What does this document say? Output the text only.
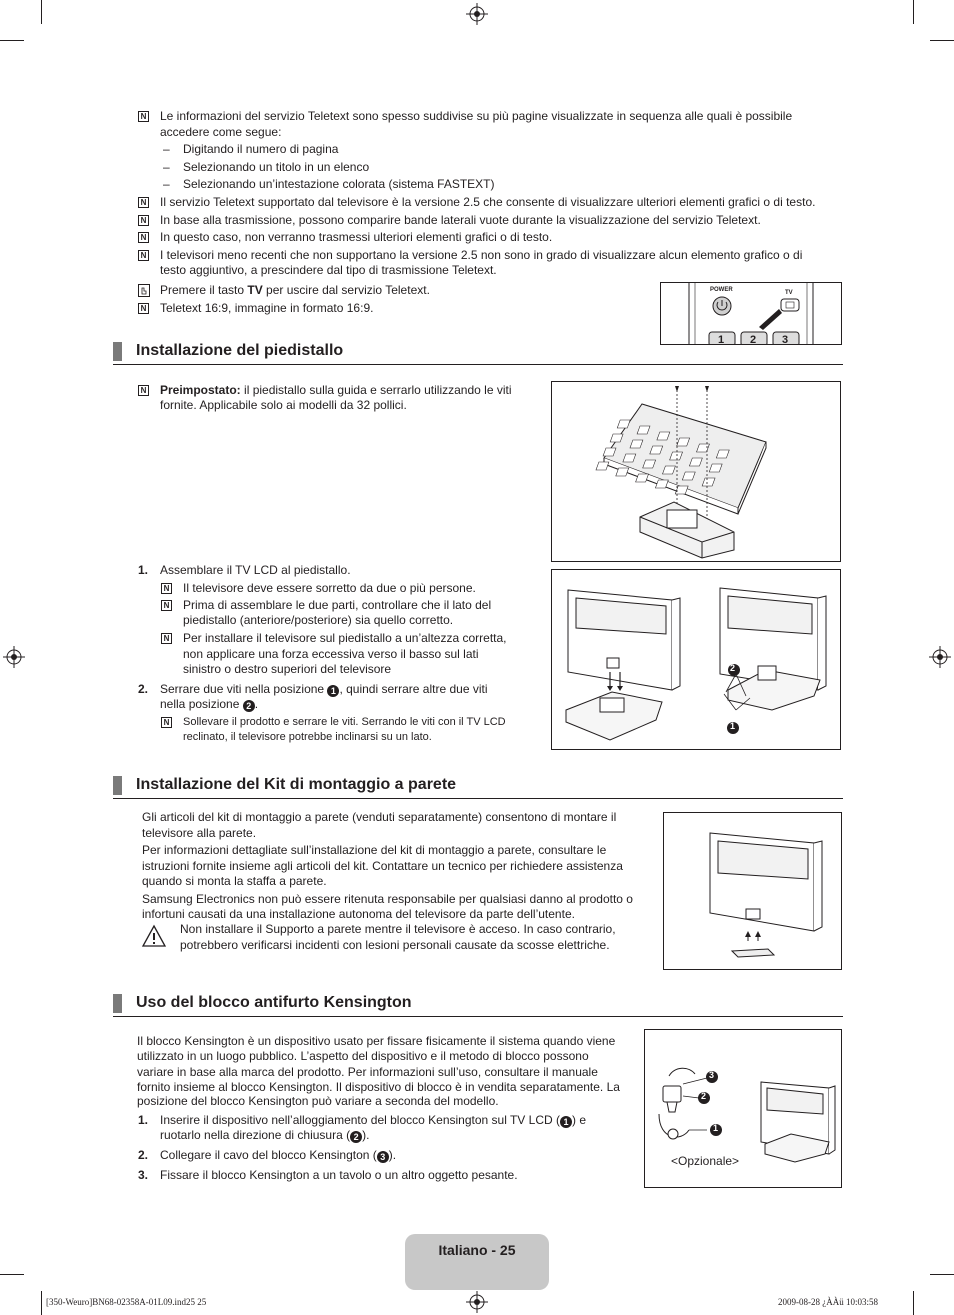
N
Le informazioni del servizio Teletext sono spesso suddivise su più pagine visualizzate in sequenza alle quali è possibile
accedere come segue:
– Digitando il numero di pagina
– Selezionando un titolo in un elenco
– Selezionando un’intestazione colorata (sistema FASTEXT)
N
Il servizio Teletext supportato dal televisore è la versione 2.5 che consente di visualizzare ulteriori elementi grafici o di testo.
N
In base alla trasmissione, possono comparire bande laterali vuote durante la visualizzazione del servizio Teletext.
N
In questo caso, non verranno trasmessi ulteriori elementi grafici o di testo.
N
I televisori meno recenti che non supportano la versione 2.5 non sono in grado di visualizzare alcun elemento grafico o di
testo aggiuntivo, a prescindere dal tipo di trasmissione Teletext.
Premere il tasto TV per uscire dal servizio Teletext.
N
Teletext 16:9, immagine in formato 16:9.
POWER	TV
1 2 3
Installazione del piedistallo
N
Preimpostato: il piedistallo sulla guida e serrarlo utilizzando le viti
fornite. Applicabile solo ai modelli da 32 pollici.
1. Assemblare il TV LCD al piedistallo.
N
Il televisore deve essere sorretto da due o più persone.
N
Prima di assemblare le due parti, controllare che il lato del
piedistallo (anteriore/posteriore) sia quello corretto.
N
Per installare il televisore sul piedistallo a un’altezza corretta,
non applicare una forza eccessiva verso il basso sul lati
sinistro o destro superiori del televisore
2. Serrare due viti nella posizione 1 , quindi serrare altre due viti
nella posizione 2 .
N
Sollevare il prodotto e serrare le viti. Serrando le viti con il TV LCD
reclinato, il televisore potrebbe inclinarsi su un lato.
2
1
Installazione del Kit di montaggio a parete
Gli articoli del kit di montaggio a parete (venduti separatamente) consentono di montare il
televisore alla parete.
Per informazioni dettagliate sull’installazione del kit di montaggio a parete, consultare le
istruzioni fornite insieme agli articoli del kit. Contattare un tecnico per richiedere assistenza
quando si monta la staffa a parete.
Samsung Electronics non può essere ritenuta responsabile per qualsiasi danno al prodotto o
infortuni causati da una installazione autonoma del televisore da parte dell’utente.
Non installare il Supporto a parete mentre il televisore è acceso. In caso contrario,
potrebbero verificarsi incidenti con lesioni personali causate da scosse elettriche.
Uso del blocco antifurto Kensington
Il blocco Kensington è un dispositivo usato per fissare fisicamente il sistema quando viene
utilizzato in un luogo pubblico. L’aspetto del dispositivo e il metodo di blocco possono
variare in base alla marca del prodotto. Per informazioni sull’uso, consultare il manuale
fornito insieme al blocco Kensington. Il dispositivo di blocco è in vendita separatamente. La
posizione del blocco Kensington può variare a seconda del modello.
1. Inserire il dispositivo nell’alloggiamento del blocco Kensington sul TV LCD ( 1 ) e
ruotarlo nella direzione di chiusura ( 2 ).
2. Collegare il cavo del blocco Kensington ( 3 ).
3. Fissare il blocco Kensington a un tavolo o un altro oggetto pesante.
3
2
1
<Opzionale>
Italiano - 25
[350-Weuro]BN68-02358A-01L09.ind25 25	2009-08-28 ¿ÀÀü 10:03:58
